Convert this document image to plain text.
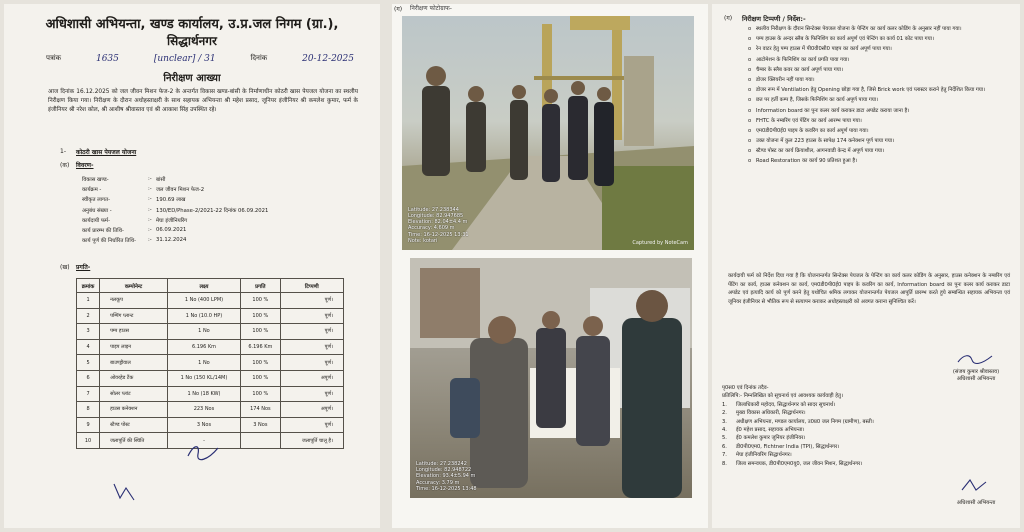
अधिशासी अभियन्ता, खण्ड कार्यालय, उ.प्र.जल निगम (ग्रा.),
सिद्धार्थनगर
पत्रांक	1635	[unclear] / 31	दिनांक	20-12-2025
निरीक्षण आख्या
आज दिनांक 16.12.2025 को जल जीवन मिशन फेज-2 के अन्तर्गत विकास खण्ड-बांसी के निर्माणाधीन कोठरी खास पेयजल योजना का स्थलीय निरीक्षण किया गया। निरीक्षण के दौरान अधोहस्ताक्षरी के साथ सहायक अभियन्ता श्री महेश प्रसाद, जूनियर इंजीनियर श्री कमलेश कुमार, फर्म के इंजीनियर श्री नरेश कोल, श्री आशीष श्रीवास्तव एवं श्री आकाश सिंह उपस्थित रहे।
1- कोठरी खास पेयजल योजना
(क) विवरण-
विकास खण्ड-	:- बांसी
कार्यक्रम -	:- जल जीवन मिशन फेज-2
स्वीकृत लागत-	:- 190.69 लाख
अनुबंध संख्या -	:- 130/ED/Phase-2/2021-22 दिनांक 06.09.2021
कार्यदायी फर्म-	:- मेघा इंजीनियरिंग
कार्य प्रारम्भ की तिथि-	:- 06.09.2021
कार्य पूर्ण की निर्धारित तिथि-	:- 31.12.2024
(ख) प्रगति-
क्रमांक	कम्पोनेन्ट	लक्ष्य	प्रगति	टिप्पणी
1	नलकूप	1 No (400 LPM)	100 %	पूर्ण।
2	पम्पिंग प्लान्ट	1 No (10.0 HP)	100 %	पूर्ण।
3	पम्प हाउस	1 No	100 %	पूर्ण।
4	पाइप लाइन	6.196 Km	6.196 Km	पूर्ण।
5	बाउण्ड्रीवाल	1 No	100 %	पूर्ण।
6	ओवरहेड टैंक	1 No (150 KL/14M)	100 %	अपूर्ण।
7	सोलर प्लांट	1 No (18 KW)	100 %	पूर्ण।
8	हाउस कनेक्शन	223 Nos	174 Nos	अपूर्ण।
9	स्टैण्ड पोस्ट	3 Nos	3 Nos	पूर्ण।
10	जलापूर्ति की स्थिति	-		जलापूर्ति चालू है।
(ग) निरीक्षण फोटोग्राफ-
Latitude: 27.238344
Longitude: 82.947685
Elevation: 82.04±4.4 m
Accuracy: 4.609 m
Time: 16-12-2025 13:31
Note: kotari	Captured by NoteCam
Latitude: 27.238242
Longitude: 82.948722
Elevation: 93.4±5.94 m
Accuracy: 3.79 m
Time: 16-12-2025 13:48
(ग) निरीक्षण टिप्पणी / निर्देश:-
o स्थलीय निरीक्षण के दौरान सिन्टेक्स पेयजल योजना के पेन्टिंग का कार्य कलर कोडिंग के अनुसार नहीं पाया गया।
o पम्प हाउस के अन्दर स्लैब के फिनिशिंग का कार्य अपूर्ण एवं पेन्टिंग का कार्य 01 कोट पाया गया।
o रेन वाटर हेतु पम्प हाउस में पी0वी0सी0 पाइप का कार्य अपूर्ण पाया गया।
o आटोमेशन के फिनिशिंग का कार्य प्रगति पाया गया।
o चैम्बर के स्लैब कवर का कार्य अपूर्ण पाया गया।
o डोजर क्लियरीन नहीं पाया गया।
o डोजर रूम में Ventilation हेतु Opening छोड़ा गया है, जिसे Brick work एवं प्लास्टर कराने हेतु निर्देशित किया गया।
o छत पर हर्ती कम्प है, जिसके फिनिशिंग का कार्य अपूर्ण पाया गया।
o Information board का पुनः कलर कार्य कराकर डाटा अपडेट कराया जाना है।
o FHTC के नम्बरिंग एवं पेंटिंग का कार्य आरम्भ पाया गया।
o एम0डी0पी0ई0 पाइप के कवरिंग का कार्य अपूर्ण पाया गया।
o उक्त योजना में कुल 223 हाउस के सापेक्ष 174 कनेक्शन पूर्ण पाया गया।
o स्टैण्ड पोस्ट का कार्य क्रियाशील, आगनवाडी केन्द्र में अपूर्ण पाया गया।
o Road Restoration का कार्य 90 प्रतिशत हुआ है।
कार्यदायी फर्म को निर्देश दिया गया है कि योजनान्तर्गत सिन्टेक्स पेयजल के पेन्टिंग का कार्य कलर कोडिंग के अनुसार, हाउस कनेक्शन के नम्बरिंग एवं पेंटिंग का कार्य, हाउस कनेक्शन का कार्य, एम0डी0पी0ई0 पाइप के कवरिंग का कार्य, Information board का पुनः कलर कार्य कराकर डाटा अपडेट एवं इत्यादि कार्य को पूर्ण करने हेतु यथोचित श्रमिक लगाकर योजनान्तर्गत पेयजल आपूर्ति प्रारम्भ करते हुये सम्बन्धित सहायक अभियन्ता एवं जूनियर इंजीनियर से भौतिक रूप से सत्यापन कराकर अधोहस्ताक्षरी को अवगत कराना सुनिश्चित करें।
(संजय कुमार श्रीवास्तव)
अधिशासी अभियन्ता
पृ0स0 एवं दिनांक तदैव-
प्रतिलिपि:- निम्नलिखित को सूचनार्थ एवं आवश्यक कार्यवाही हेतु।
1.	जिलाधिकारी महोदय, सिद्धार्थनगर को सादर सूचनार्थ।
2.	मुख्य विकास अधिकारी, सिद्धार्थनगर।
3.	अधीक्षण अभियन्ता, मण्डल कार्यालय, उ0प्र0 जल निगम (ग्रामीण), बस्ती।
4.	ई0 महेश प्रसाद, सहायक अभियन्ता।
5.	ई0 कमलेश कुमार जूनियर इंजीनियर।
6.	डी0पी0एम0, Fichtner India (TPI), सिद्धार्थनगर।
7.	मेघा इंजीनियरिंग सिद्धार्थनगर।
8.	जिला समन्वयक, डी0पी0एम0यू0, जल जीवन मिशन, सिद्धार्थनगर।
अधिशासी अभियन्ता
